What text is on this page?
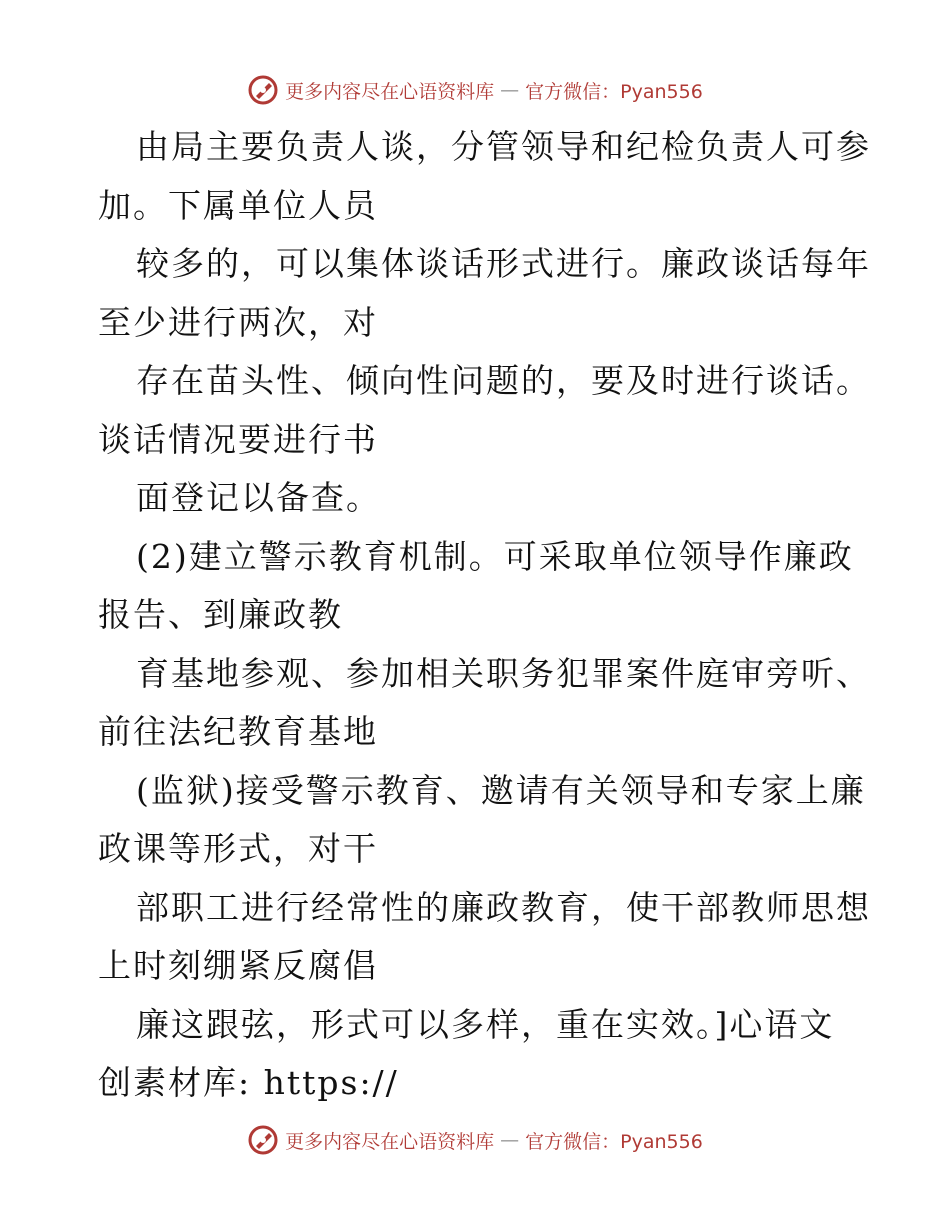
更多内容尽在心语资料库 — 官方微信：Pyan556
由局主要负责人谈，分管领导和纪检负责人可参
加。下属单位人员
较多的，可以集体谈话形式进行。廉政谈话每年
至少进行两次，对
存在苗头性、倾向性问题的，要及时进行谈话。
谈话情况要进行书
面登记以备查。
(2)建立警示教育机制。可采取单位领导作廉政
报告、到廉政教
育基地参观、参加相关职务犯罪案件庭审旁听、
前往法纪教育基地
(监狱)接受警示教育、邀请有关领导和专家上廉
政课等形式，对干
部职工进行经常性的廉政教育，使干部教师思想
上时刻绷紧反腐倡
廉这跟弦，形式可以多样，重在实效。]心语文
创素材库: https://
更多内容尽在心语资料库 — 官方微信：Pyan556
